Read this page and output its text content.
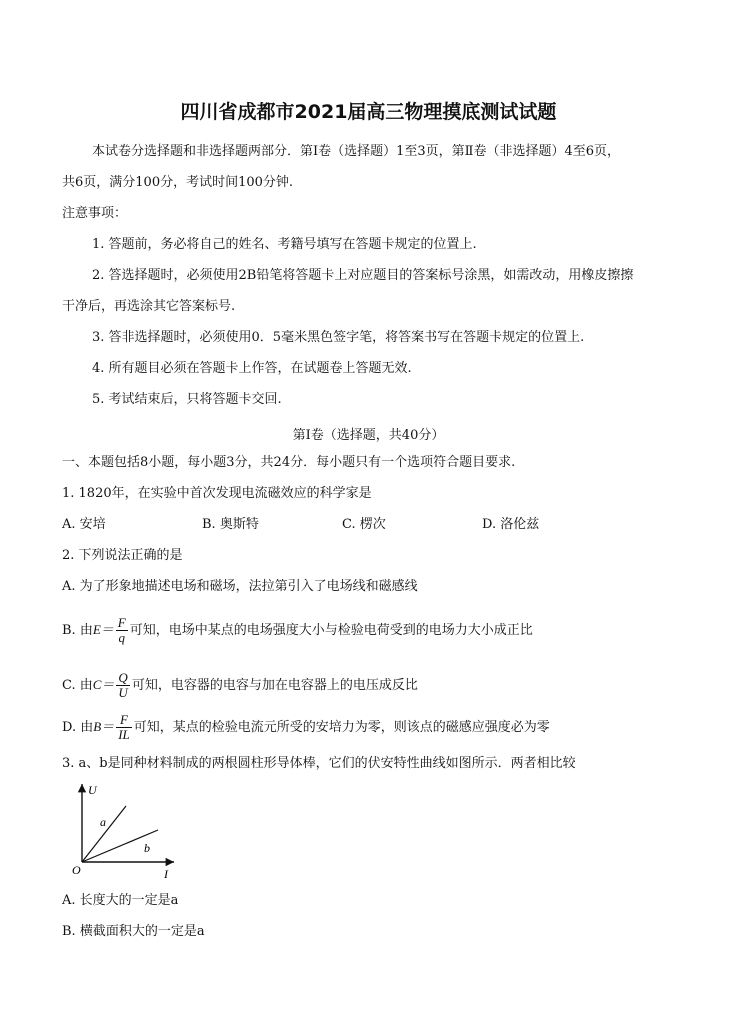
四川省成都市2021届高三物理摸底测试试题
本试卷分选择题和非选择题两部分．第Ⅰ卷（选择题）1至3页，第Ⅱ卷（非选择题）4至6页，
共6页，满分100分，考试时间100分钟.
注意事项：
1. 答题前，务必将自己的姓名、考籍号填写在答题卡规定的位置上.
2. 答选择题时，必须使用2B铅笔将答题卡上对应题目的答案标号涂黑，如需改动，用橡皮擦擦
干净后，再选涂其它答案标号.
3. 答非选择题时，必须使用0．5毫米黑色签字笔，将答案书写在答题卡规定的位置上.
4. 所有题目必须在答题卡上作答，在试题卷上答题无效.
5. 考试结束后，只将答题卡交回.
第Ⅰ卷（选择题，共40分）
一、本题包括8小题，每小题3分，共24分．每小题只有一个选项符合题目要求.
1. 1820年，在实验中首次发现电流磁效应的科学家是
A. 安培	B. 奥斯特	C. 楞次	D. 洛伦兹
2. 下列说法正确的是
A. 为了形象地描述电场和磁场，法拉第引入了电场线和磁感线
B. 由$E= \frac{F}{q}$ 可知，电场中某点的电场强度大小与检验电荷受到的电场力大小成正比
C. 由$C= \frac{Q}{U}$ 可知，电容器的电容与加在电容器上的电压成反比
D. 由$B= \frac{F}{IL}$ 可知，某点的检验电流元所受的安培力为零，则该点的磁感应强度必为零
3. a、b是同种材料制成的两根圆柱形导体棒，它们的伏安特性曲线如图所示．两者相比较
U
I
O
a
b
A. 长度大的一定是a
B. 横截面积大的一定是a
